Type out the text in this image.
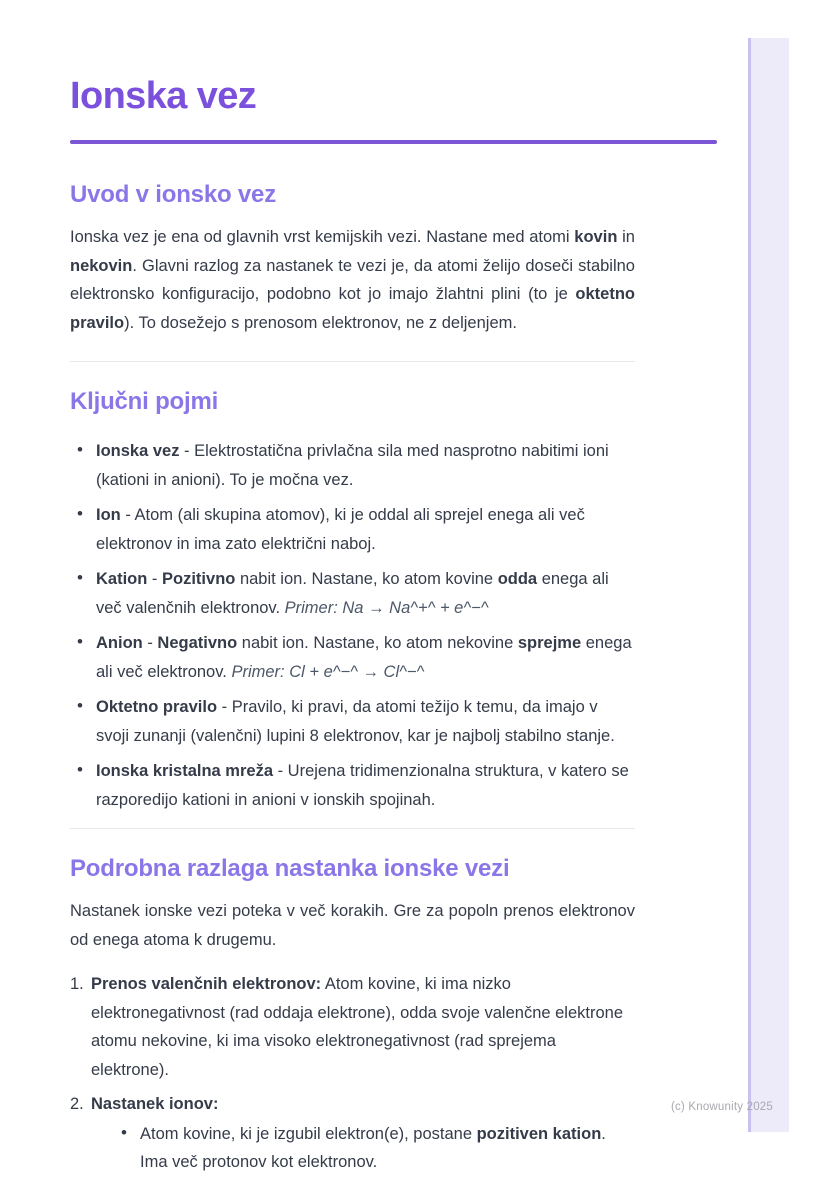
Ionska vez
Uvod v ionsko vez

Ionska vez je ena od glavnih vrst kemijskih vezi. Nastane med atomi kovin in nekovin. Glavni razlog za nastanek te vezi je, da atomi želijo doseči stabilno elektronsko konfiguracijo, podobno kot jo imajo žlahtni plini (to je oktetno pravilo). To dosežejo s prenosom elektronov, ne z deljenjem.

Ključni pojmi
• Ionska vez - Elektrostatična privlačna sila med nasprotno nabitimi ioni (kationi in anioni). To je močna vez.
• Ion - Atom (ali skupina atomov), ki je oddal ali sprejel enega ali več elektronov in ima zato električni naboj.
• Kation - Pozitivno nabit ion. Nastane, ko atom kovine odda enega ali več valenčnih elektronov. Primer: Na → Na^+^ + e^−^
• Anion - Negativno nabit ion. Nastane, ko atom nekovine sprejme enega ali več elektronov. Primer: Cl + e^−^ → Cl^−^
• Oktetno pravilo - Pravilo, ki pravi, da atomi težijo k temu, da imajo v svoji zunanji (valenčni) lupini 8 elektronov, kar je najbolj stabilno stanje.
• Ionska kristalna mreža - Urejena tridimenzionalna struktura, v katero se razporedijo kationi in anioni v ionskih spojinah.
Podrobna razlaga nastanka ionske vezi

Nastanek ionske vezi poteka v več korakih. Gre za popoln prenos elektronov od enega atoma k drugemu.

1. Prenos valenčnih elektronov: Atom kovine, ki ima nizko elektronegativnost (rad oddaja elektrone), odda svoje valenčne elektrone atomu nekovine, ki ima visoko elektronegativnost (rad sprejema elektrone).
2. Nastanek ionov:
• Atom kovine, ki je izgubil elektron(e), postane pozitiven kation. Ima več protonov kot elektronov.
(c) Knowunity 2025
